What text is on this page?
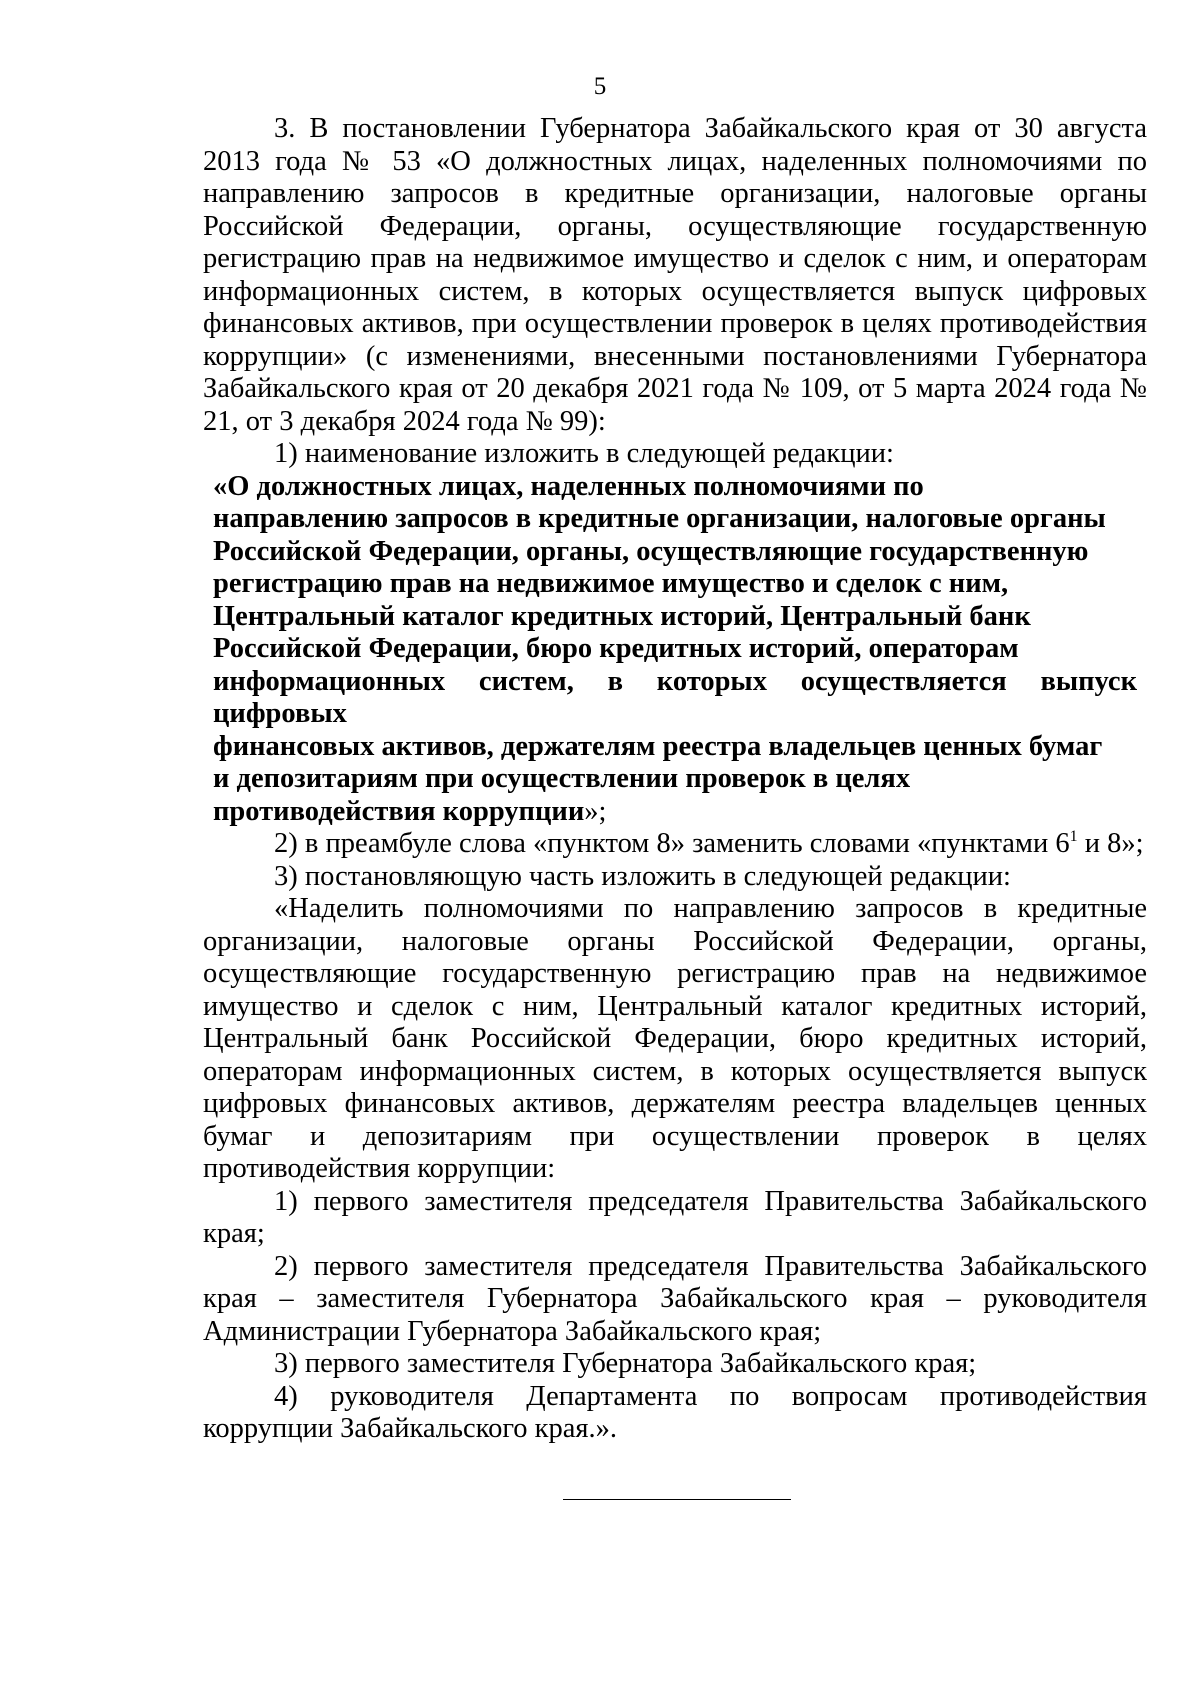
5

3. В постановлении Губернатора Забайкальского края от 30 августа 2013 года № 53 «О должностных лицах, наделенных полномочиями по направлению запросов в кредитные организации, налоговые органы Российской Федерации, органы, осуществляющие государственную регистрацию прав на недвижимое имущество и сделок с ним, и операторам информационных систем, в которых осуществляется выпуск цифровых финансовых активов, при осуществлении проверок в целях противодействия коррупции» (с изменениями, внесенными постановлениями Губернатора Забайкальского края от 20 декабря 2021 года № 109, от 5 марта 2024 года № 21, от 3 декабря 2024 года № 99):

1) наименование изложить в следующей редакции:

«О должностных лицах, наделенных полномочиями по

направлению запросов в кредитные организации, налоговые органы

Российской Федерации, органы, осуществляющие государственную

регистрацию прав на недвижимое имущество и сделок с ним,

Центральный каталог кредитных историй, Центральный банк

Российской Федерации, бюро кредитных историй, операторам

информационных систем, в которых осуществляется выпуск цифровых

финансовых активов, держателям реестра владельцев ценных бумаг

и депозитариям при осуществлении проверок в целях

противодействия коррупции»;

2) в преамбуле слова «пунктом 8» заменить словами «пунктами $6^1$ и 8»;

3) постановляющую часть изложить в следующей редакции:

«Наделить полномочиями по направлению запросов в кредитные организации, налоговые органы Российской Федерации, органы, осуществляющие государственную регистрацию прав на недвижимое имущество и сделок с ним, Центральный каталог кредитных историй, Центральный банк Российской Федерации, бюро кредитных историй, операторам информационных систем, в которых осуществляется выпуск цифровых финансовых активов, держателям реестра владельцев ценных бумаг и депозитариям при осуществлении проверок в целях противодействия коррупции:

1) первого заместителя председателя Правительства Забайкальского края;

2) первого заместителя председателя Правительства Забайкальского края – заместителя Губернатора Забайкальского края – руководителя Администрации Губернатора Забайкальского края;

3) первого заместителя Губернатора Забайкальского края;

4) руководителя Департамента по вопросам противодействия коррупции Забайкальского края.».
